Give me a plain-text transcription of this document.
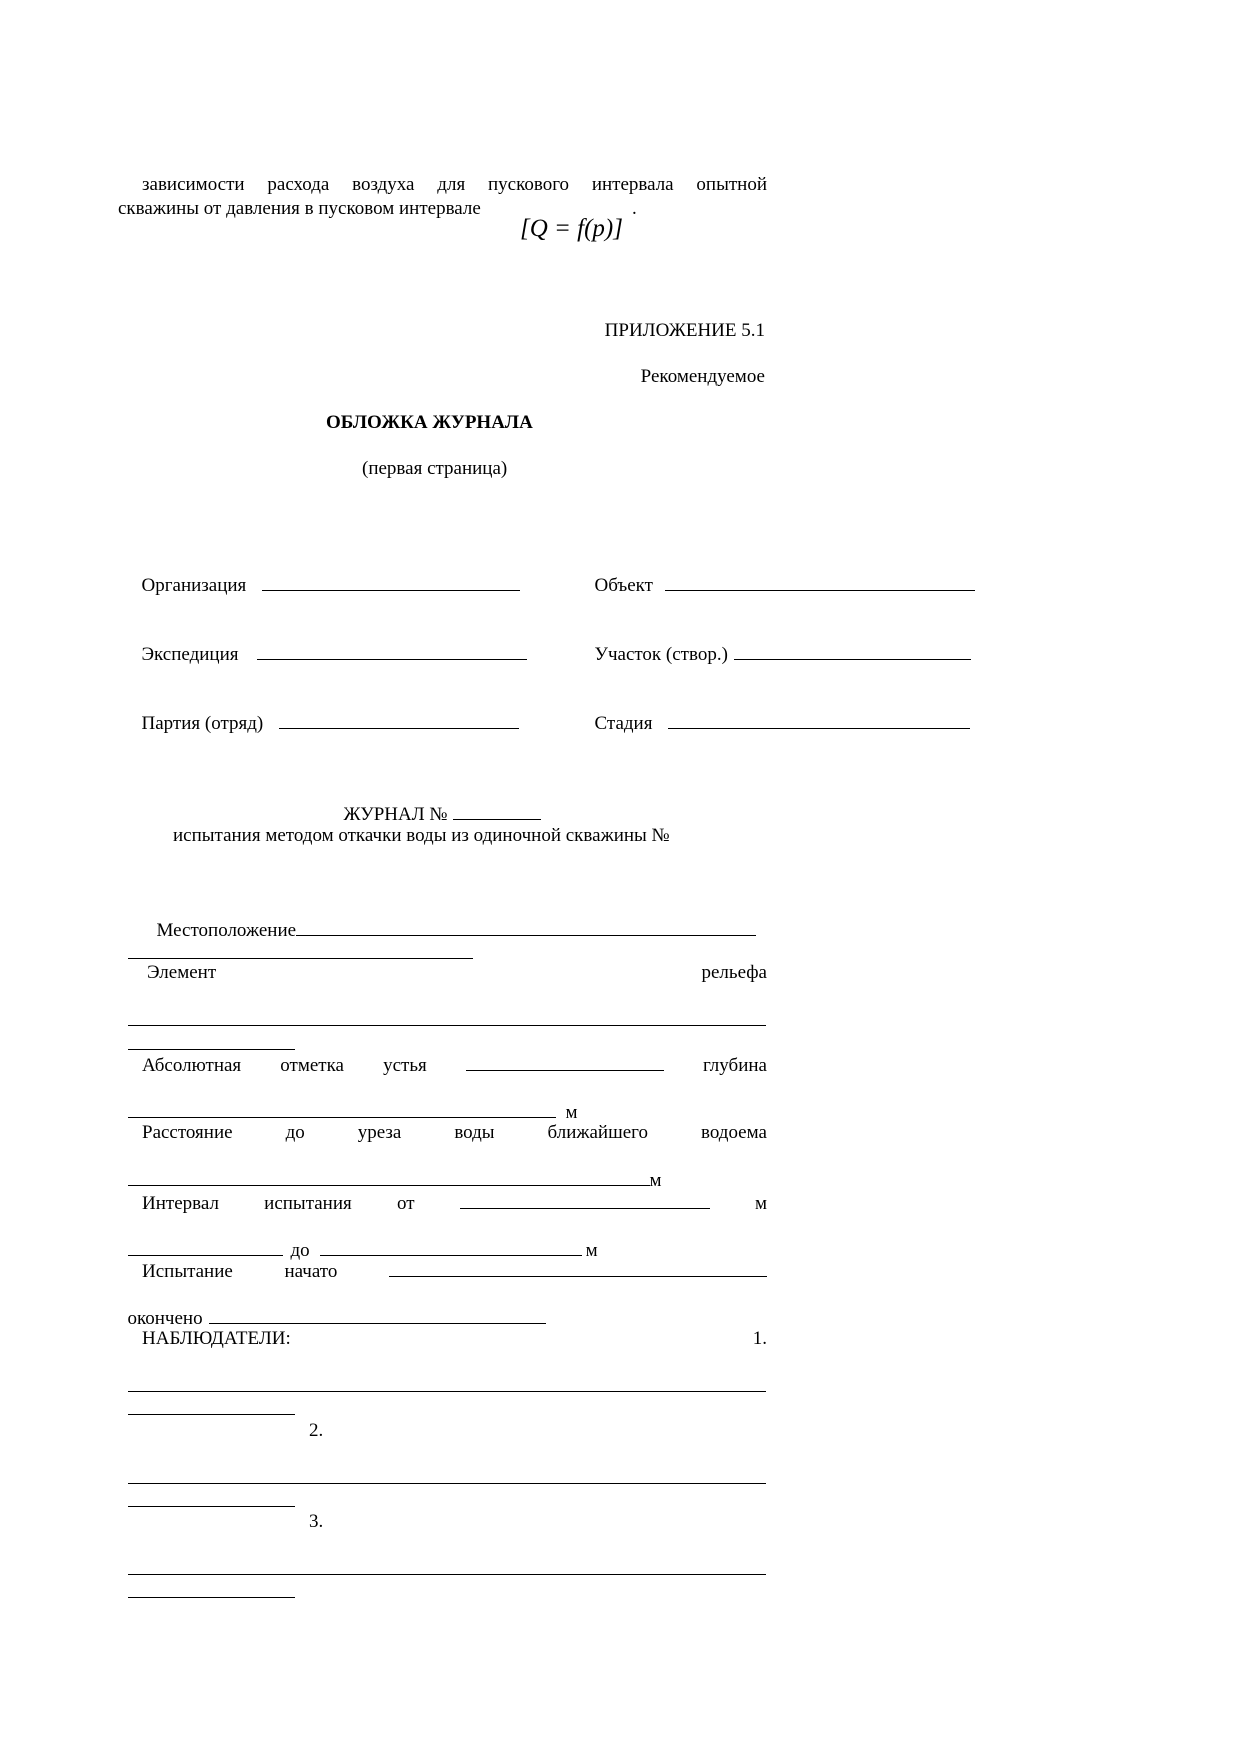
зависимости расхода воздуха для пускового интервала опытной
скважины от давления в пусковом интервале	.
[Q = f(p)]
ПРИЛОЖЕНИЕ 5.1
Рекомендуемое
ОБЛОЖКА ЖУРНАЛА
(первая страница)

Организация	Объект

Экспедиция	Участок (створ.)

Партия (отряд)	Стадия

ЖУРНАЛ №

испытания методом откачки воды из одиночной скважины №

Местоположение

Элемент	рельефа

Абсолютная отметка устья	глубина

м

Расстояние	до	уреза	воды	ближайшего	водоема

м

Интервал испытания от	м

до	м

Испытание	начато

окончено

НАБЛЮДАТЕЛИ:	1.

2.

3.
